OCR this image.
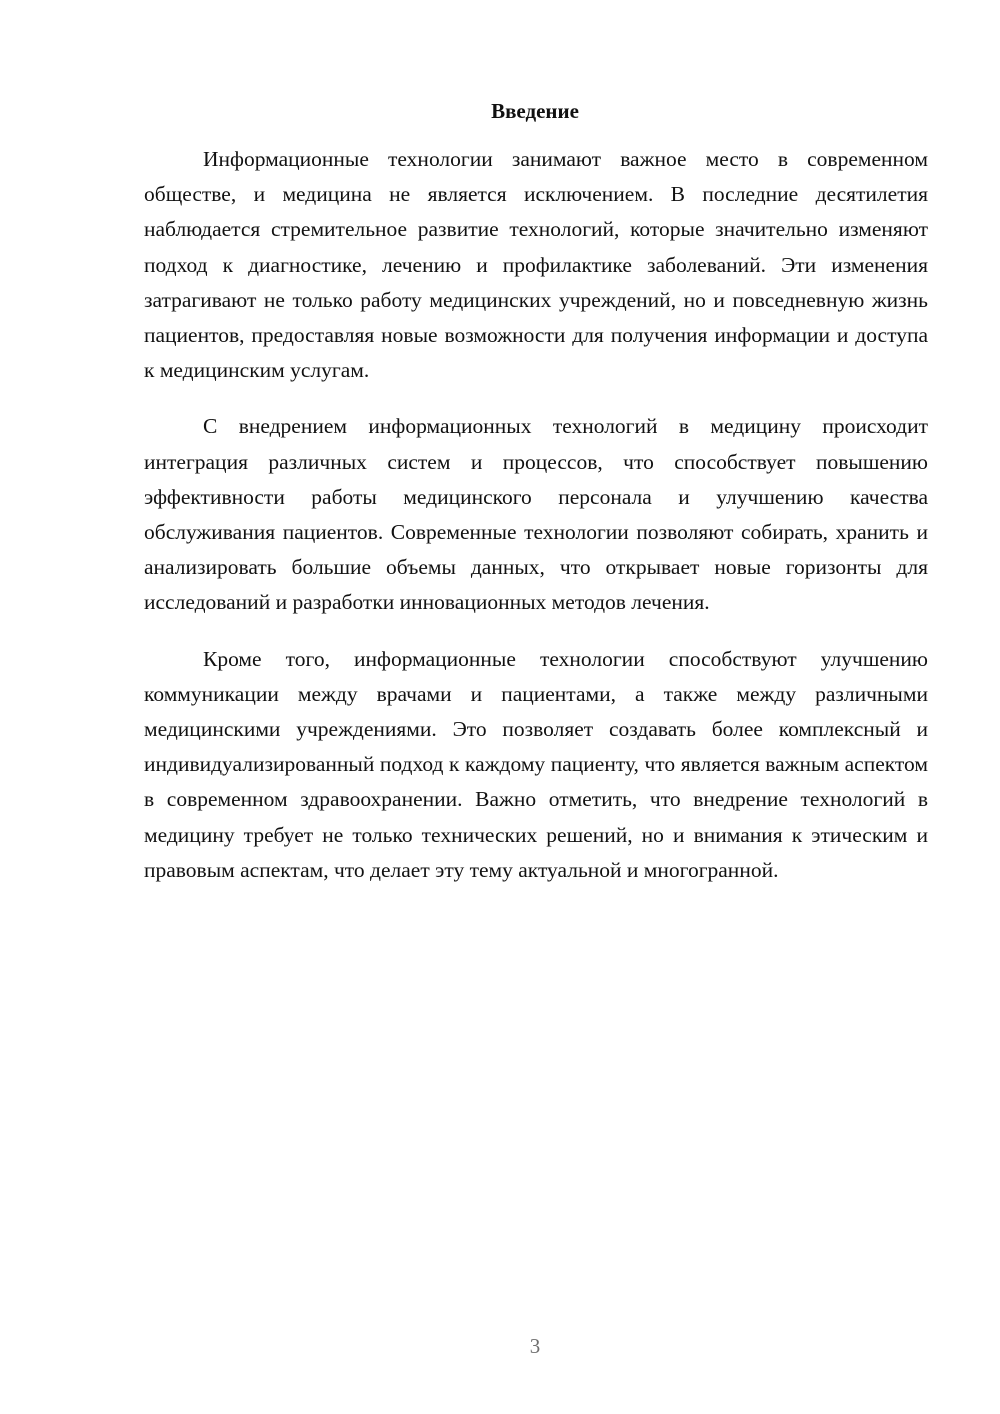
Введение

Информационные технологии занимают важное место в современном обществе, и медицина не является исключением. В последние десятилетия наблюдается стремительное развитие технологий, которые значительно изменяют подход к диагностике, лечению и профилактике заболеваний. Эти изменения затрагивают не только работу медицинских учреждений, но и повседневную жизнь пациентов, предоставляя новые возможности для получения информации и доступа к медицинским услугам.

С внедрением информационных технологий в медицину происходит интеграция различных систем и процессов, что способствует повышению эффективности работы медицинского персонала и улучшению качества обслуживания пациентов. Современные технологии позволяют собирать, хранить и анализировать большие объемы данных, что открывает новые горизонты для исследований и разработки инновационных методов лечения.

Кроме того, информационные технологии способствуют улучшению коммуникации между врачами и пациентами, а также между различными медицинскими учреждениями. Это позволяет создавать более комплексный и индивидуализированный подход к каждому пациенту, что является важным аспектом в современном здравоохранении. Важно отметить, что внедрение технологий в медицину требует не только технических решений, но и внимания к этическим и правовым аспектам, что делает эту тему актуальной и многогранной.

3
